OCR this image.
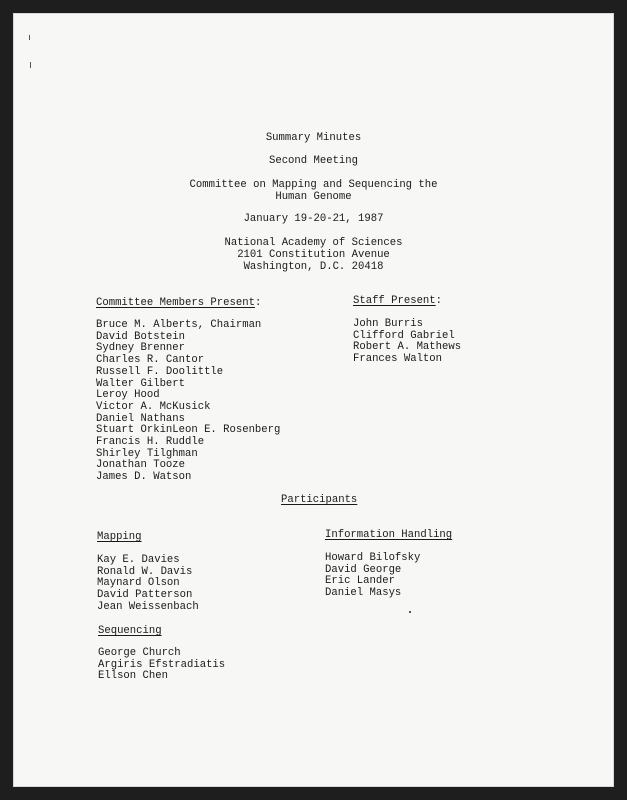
Summary Minutes
Second Meeting
Committee on Mapping and Sequencing the
Human Genome
January 19-20-21, 1987
National Academy of Sciences
2101 Constitution Avenue
Washington, D.C. 20418
Committee Members Present:
Bruce M. Alberts, Chairman
David Botstein
Sydney Brenner
Charles R. Cantor
Russell F. Doolittle
Walter Gilbert
Leroy Hood
Victor A. McKusick
Daniel Nathans
Stuart OrkinLeon E. Rosenberg
Francis H. Ruddle
Shirley Tilghman
Jonathan Tooze
James D. Watson
Staff Present:
John Burris
Clifford Gabriel
Robert A. Mathews
Frances Walton
Participants
Mapping
Kay E. Davies
Ronald W. Davis
Maynard Olson
David Patterson
Jean Weissenbach
Information Handling
Howard Bilofsky
David George
Eric Lander
Daniel Masys
Sequencing
George Church
Argiris Efstradiatis
Ellson Chen
